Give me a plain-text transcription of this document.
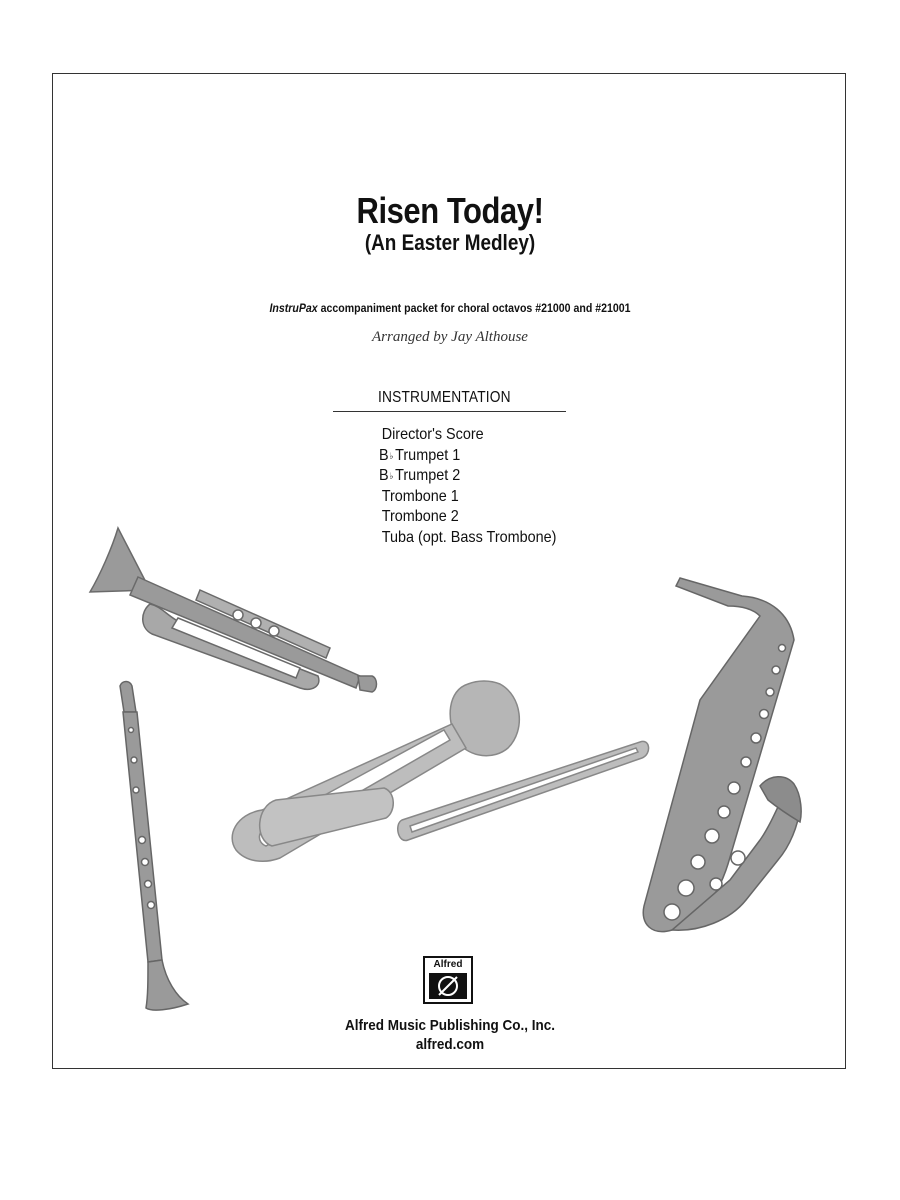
Risen Today!
(An Easter Medley)
InstruPax accompaniment packet for choral octavos #21000 and #21001
Arranged by Jay Althouse
INSTRUMENTATION
Director's Score
B♭ Trumpet 1
B♭ Trumpet 2
Trombone 1
Trombone 2
Tuba (opt. Bass Trombone)
Alfred
Alfred Music Publishing Co., Inc.
alfred.com
